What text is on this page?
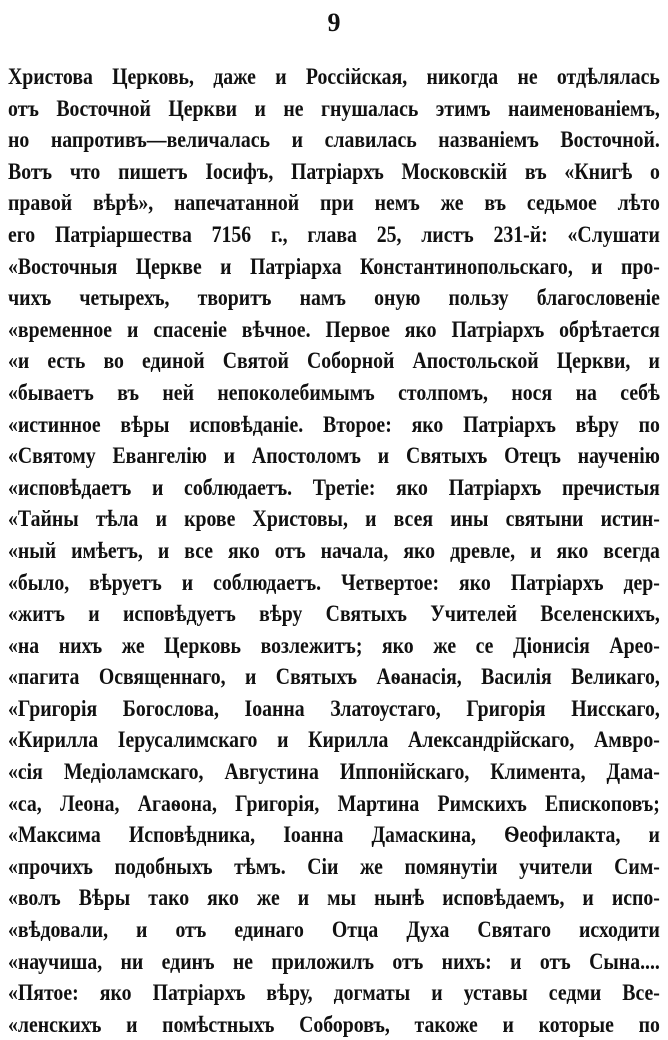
9
Христова Церковь, даже и Россійская, никогда не отдѣлялась
отъ Восточной Церкви и не гнушалась этимъ наименованіемъ,
но напротивъ—величалась и славилась названіемъ Восточной.
Вотъ что пишетъ Іосифъ, Патріархъ Московскій въ «Книгѣ о
правой вѣрѣ», напечатанной при немъ же въ седьмое лѣто
его Патріаршества 7156 г., глава 25, листъ 231-й: «Слушати
«Восточныя Церкве и Патріарха Константинопольскаго, и про-
чихъ четырехъ, творитъ намъ оную пользу благословеніе
«временное и спасеніе вѣчное. Первое яко Патріархъ обрѣтается
«и есть во единой Святой Соборной Апостольской Церкви, и
«бываетъ въ ней непоколебимымъ столпомъ, нося на себѣ
«истинное вѣры исповѣданіе. Второе: яко Патріархъ вѣру по
«Святому Евангелію и Апостоломъ и Святыхъ Отецъ наученію
«исповѣдаетъ и соблюдаетъ. Третіе: яко Патріархъ пречистыя
«Тайны тѣла и крове Христовы, и всея ины святыни истин-
«ный имѣетъ, и все яко отъ начала, яко древле, и яко всегда
«было, вѣруетъ и соблюдаетъ. Четвертое: яко Патріархъ дер-
«житъ и исповѣдуетъ вѣру Святыхъ Учителей Вселенскихъ,
«на нихъ же Церковь возлежитъ; яко же се Діонисія Арео-
«пагита Освященнаго, и Святыхъ Аѳанасія, Василія Великаго,
«Григорія Богослова, Іоанна Златоустаго, Григорія Нисскаго,
«Кирилла Іерусалимскаго и Кирилла Александрійскаго, Амвро-
«сія Медіоламскаго, Августина Иппонійскаго, Климента, Дама-
«са, Леона, Агаѳона, Григорія, Мартина Римскихъ Епископовъ;
«Максима Исповѣдника, Іоанна Дамаскина, Ѳеофилакта, и
«прочихъ подобныхъ тѣмъ. Сіи же помянутіи учители Сим-
«волъ Вѣры тако яко же и мы нынѣ исповѣдаемъ, и испо-
«вѣдовали, и отъ единаго Отца Духа Святаго исходити
«научиша, ни единъ не приложилъ отъ нихъ: и отъ Сына....
«Пятое: яко Патріархъ вѣру, догматы и уставы седми Все-
«ленскихъ и помѣстныхъ Соборовъ, такоже и которые по
